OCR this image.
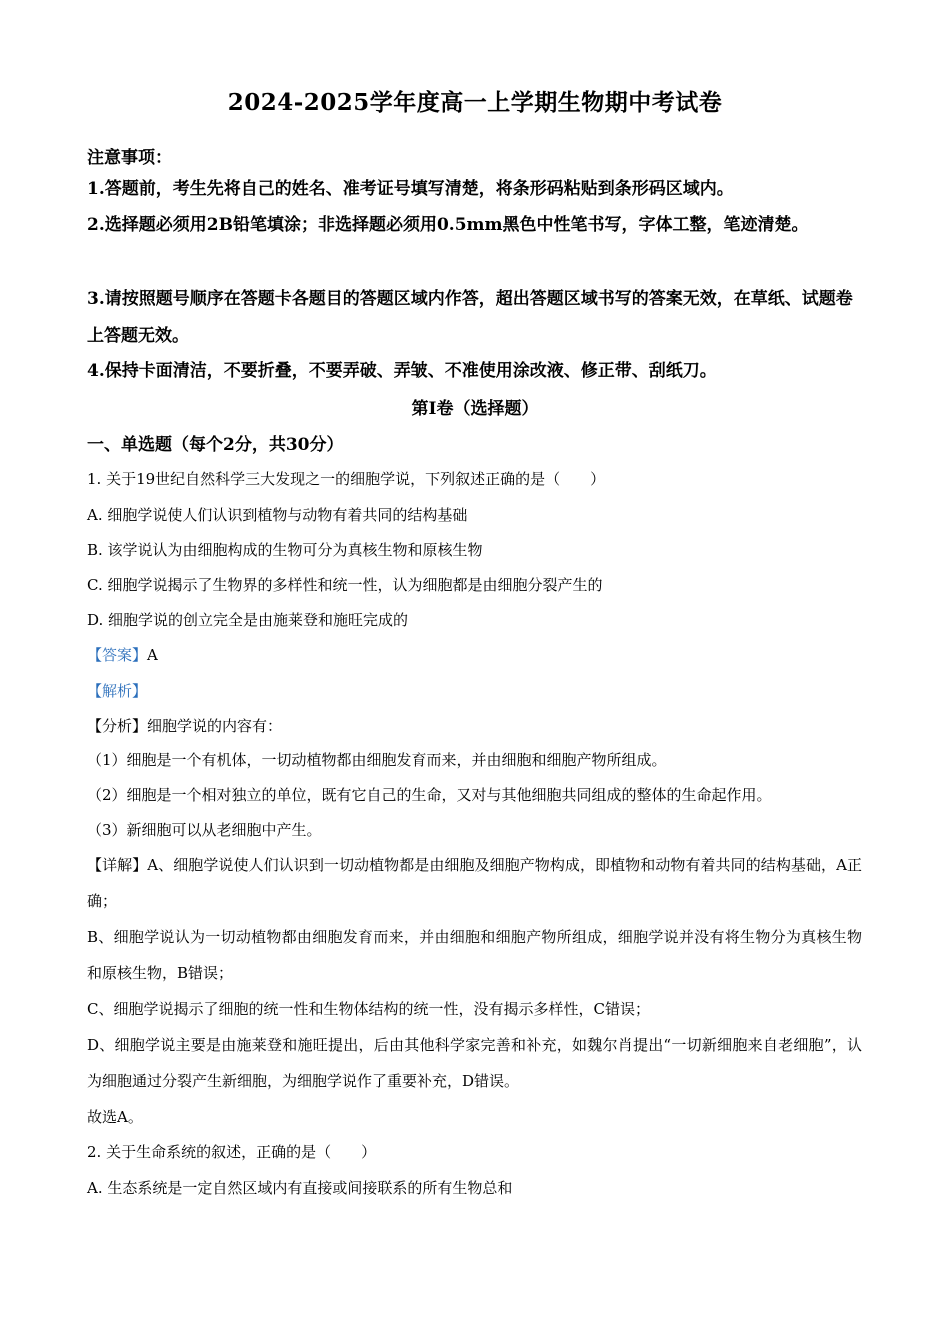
2024-2025学年度高一上学期生物期中考试卷
注意事项：
1.答题前，考生先将自己的姓名、准考证号填写清楚，将条形码粘贴到条形码区域内。
2.选择题必须用2B铅笔填涂；非选择题必须用0.5mm黑色中性笔书写，字体工整，笔迹清楚。
3.请按照题号顺序在答题卡各题目的答题区域内作答，超出答题区域书写的答案无效，在草纸、试题卷上答题无效。
4.保持卡面清洁，不要折叠，不要弄破、弄皱、不准使用涂改液、修正带、刮纸刀。
第I卷（选择题）
一、单选题（每个2分，共30分）
1. 关于19世纪自然科学三大发现之一的细胞学说，下列叙述正确的是（　　）
A. 细胞学说使人们认识到植物与动物有着共同的结构基础
B. 该学说认为由细胞构成的生物可分为真核生物和原核生物
C. 细胞学说揭示了生物界的多样性和统一性，认为细胞都是由细胞分裂产生的
D. 细胞学说的创立完全是由施莱登和施旺完成的
【答案】A
【解析】
【分析】细胞学说的内容有：
（1）细胞是一个有机体，一切动植物都由细胞发育而来，并由细胞和细胞产物所组成。
（2）细胞是一个相对独立的单位，既有它自己的生命，又对与其他细胞共同组成的整体的生命起作用。
（3）新细胞可以从老细胞中产生。
【详解】A、细胞学说使人们认识到一切动植物都是由细胞及细胞产物构成，即植物和动物有着共同的结构基础，A正确；
B、细胞学说认为一切动植物都由细胞发育而来，并由细胞和细胞产物所组成，细胞学说并没有将生物分为真核生物和原核生物，B错误；
C、细胞学说揭示了细胞的统一性和生物体结构的统一性，没有揭示多样性，C错误；
D、细胞学说主要是由施莱登和施旺提出，后由其他科学家完善和补充，如魏尔肖提出“一切新细胞来自老细胞”，认为细胞通过分裂产生新细胞，为细胞学说作了重要补充，D错误。
故选A。
2. 关于生命系统的叙述，正确的是（　　）
A. 生态系统是一定自然区域内有直接或间接联系的所有生物总和
